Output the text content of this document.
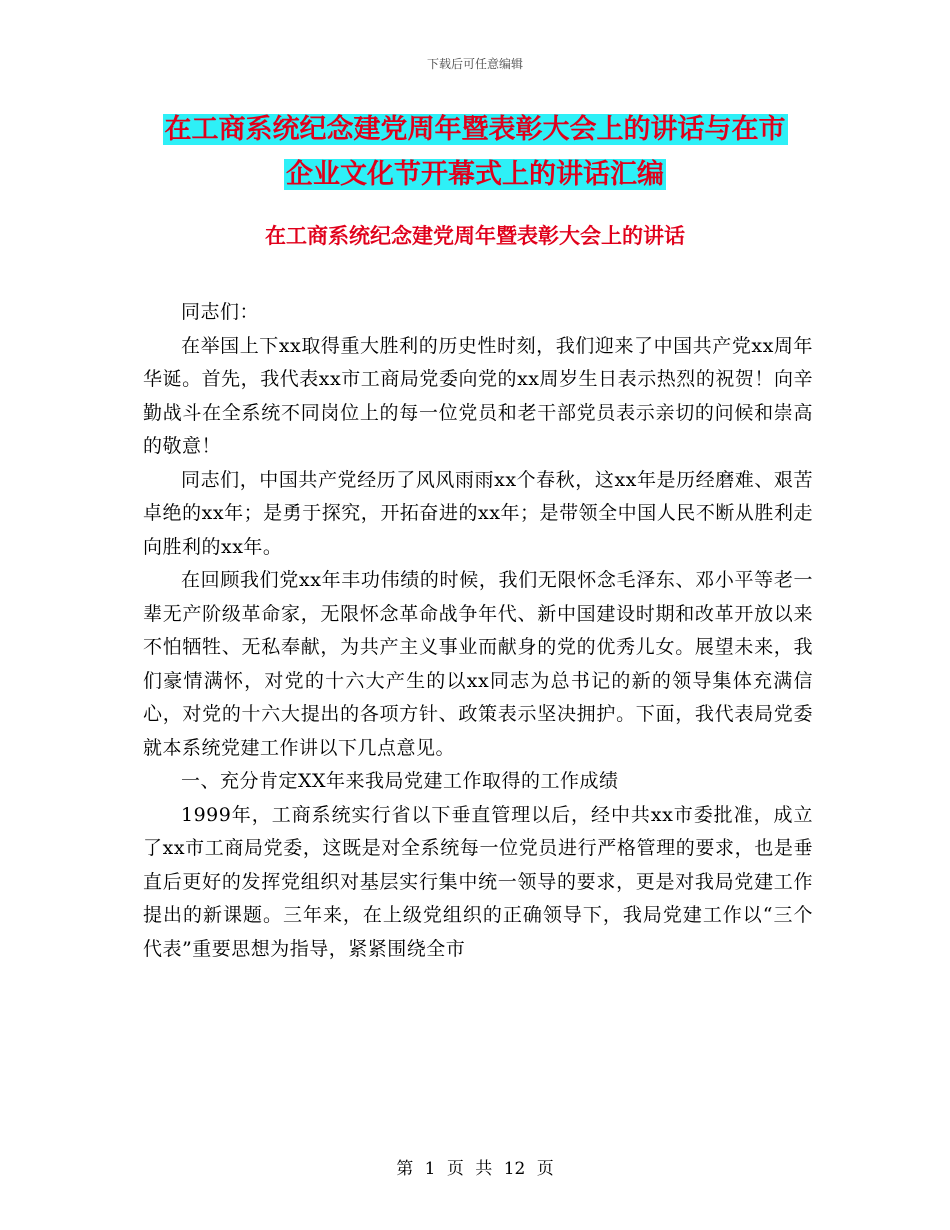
下载后可任意编辑
在工商系统纪念建党周年暨表彰大会上的讲话与在市
企业文化节开幕式上的讲话汇编
在工商系统纪念建党周年暨表彰大会上的讲话

同志们：

在举国上下xx取得重大胜利的历史性时刻，我们迎来了中国共产党xx周年华诞。首先，我代表xx市工商局党委向党的xx周岁生日表示热烈的祝贺！向辛勤战斗在全系统不同岗位上的每一位党员和老干部党员表示亲切的问候和崇高的敬意！

同志们，中国共产党经历了风风雨雨xx个春秋，这xx年是历经磨难、艰苦卓绝的xx年；是勇于探究，开拓奋进的xx年；是带领全中国人民不断从胜利走向胜利的xx年。

在回顾我们党xx年丰功伟绩的时候，我们无限怀念毛泽东、邓小平等老一辈无产阶级革命家，无限怀念革命战争年代、新中国建设时期和改革开放以来不怕牺牲、无私奉献，为共产主义事业而献身的党的优秀儿女。展望未来，我们豪情满怀，对党的十六大产生的以xx同志为总书记的新的领导集体充满信心，对党的十六大提出的各项方针、政策表示坚决拥护。下面，我代表局党委就本系统党建工作讲以下几点意见。

一、充分肯定XX年来我局党建工作取得的工作成绩

1999年，工商系统实行省以下垂直管理以后，经中共xx市委批准，成立了xx市工商局党委，这既是对全系统每一位党员进行严格管理的要求，也是垂直后更好的发挥党组织对基层实行集中统一领导的要求，更是对我局党建工作提出的新课题。三年来，在上级党组织的正确领导下，我局党建工作以“三个代表”重要思想为指导，紧紧围绕全市

第 1 页 共 12 页
